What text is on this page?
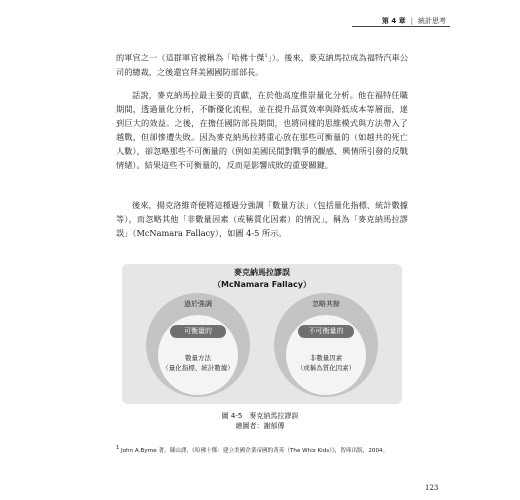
第 4 章 | 統計思考
的軍官之一（這群軍官被稱為「哈佛十傑$^1$」）。後來，麥克納馬拉成為福特汽車公司的總裁，之後還官拜美國國防部部長。
話說，麥克納馬拉最主要的貢獻，在於他高度推崇量化分析。他在福特任職期間，透過量化分析，不斷優化流程，並在提升品質效率與降低成本等層面，達到巨大的效益。之後，在擔任國防部長期間，也將同樣的思維模式與方法帶入了越戰，但卻慘遭失敗。因為麥克納馬拉將重心放在那些可衡量的（如越共的死亡人數），卻忽略那些不可衡量的（例如美國民間對戰爭的觀感、興情所引發的反戰情緒）。結果這些不可衡量的，反而是影響成敗的重要關鍵。
後來，揚克洛維奇便將這種過分強調「數量方法」（包括量化指標、統計數據等），而忽略其他「非數量因素（或稱質化因素）的情況」，稱為「麥克納馬拉謬誤」（McNamara Fallacy），如圖 4-5 所示。
麥克納馬拉謬誤
（McNamara Fallacy）
過於強調
可衡量的
數量方法
（量化指標、統計數據）
忽略其餘
不可衡量的
非數量因素
（或稱為質化因素）
圖 4-5　麥克納馬拉謬誤
繪圖者：謝郁傳
$^1$ John A.Byrne 著，陳山譯，《哈佛十傑：建立美國企業帝國的菁英（The Whiz Kids）》，智庫出版，2004。
123
